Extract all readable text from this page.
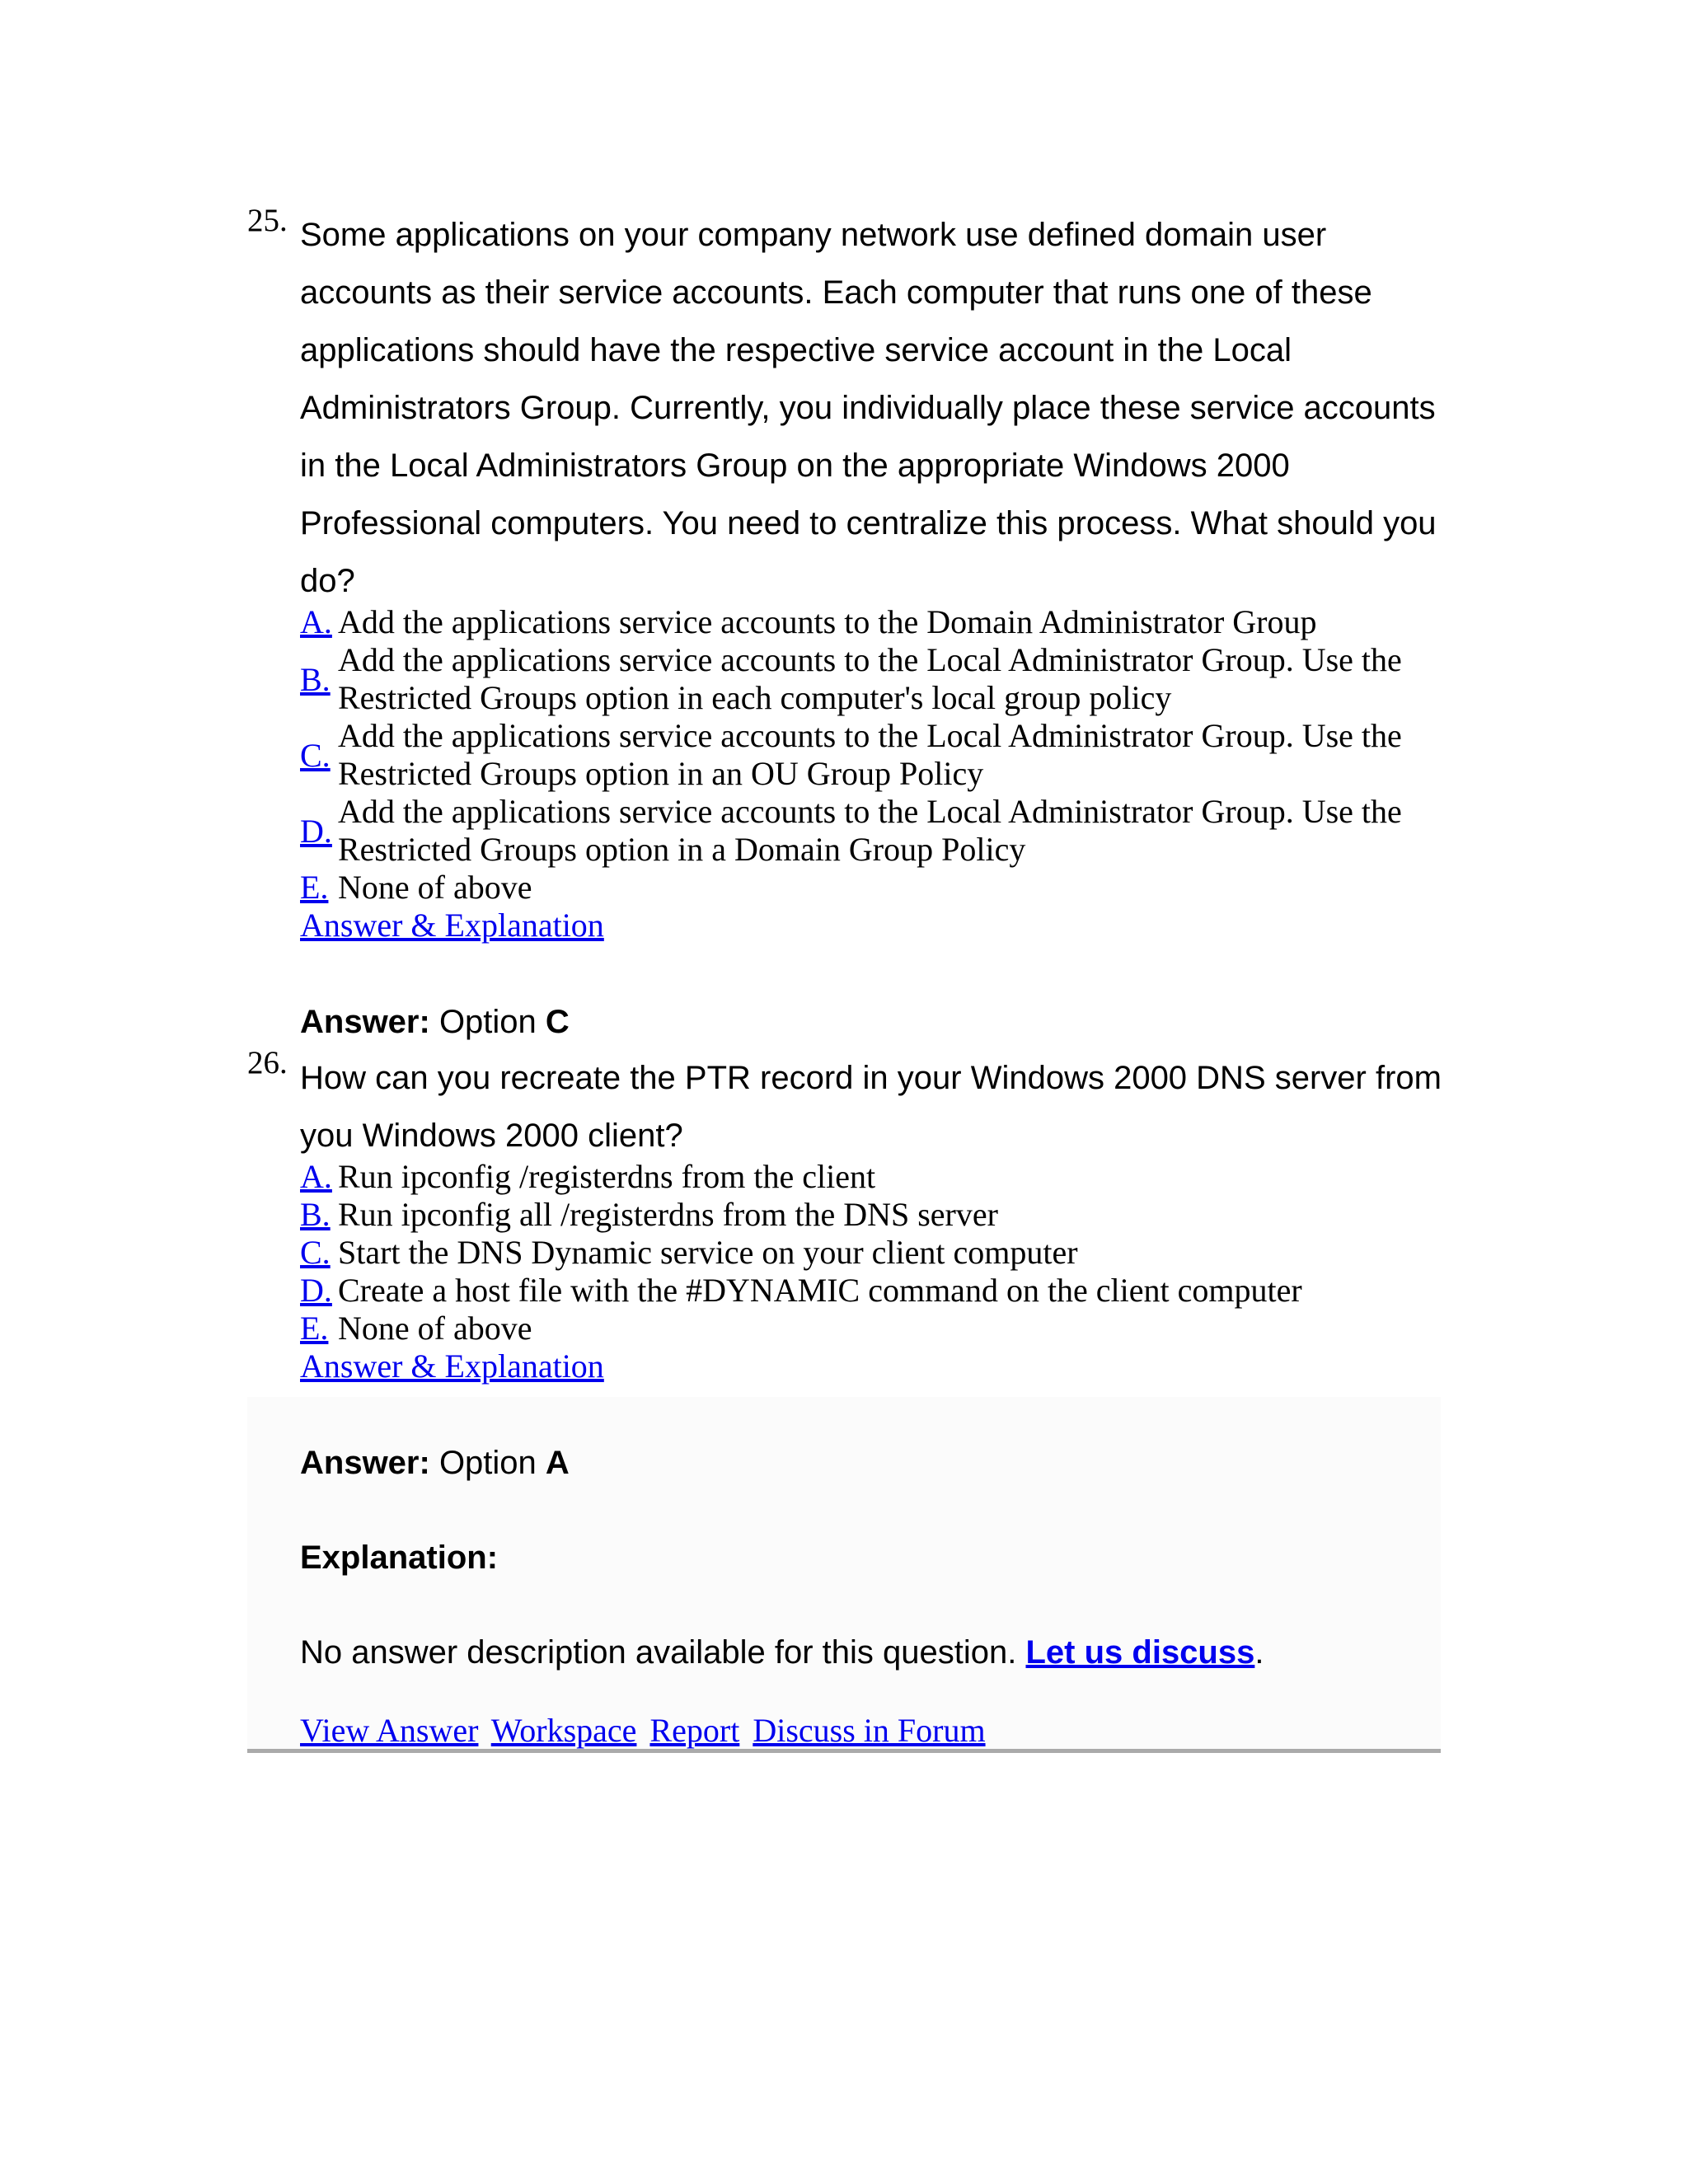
25. Some applications on your company network use defined domain user accounts as their service accounts. Each computer that runs one of these applications should have the respective service account in the Local Administrators Group. Currently, you individually place these service accounts in the Local Administrators Group on the appropriate Windows 2000 Professional computers. You need to centralize this process. What should you do?

A. Add the applications service accounts to the Domain Administrator Group
B.
Add the applications service accounts to the Local Administrator Group. Use the Restricted Groups option in each computer's local group policy
C.
Add the applications service accounts to the Local Administrator Group. Use the Restricted Groups option in an OU Group Policy
D.
Add the applications service accounts to the Local Administrator Group. Use the Restricted Groups option in a Domain Group Policy
E. None of above
Answer & Explanation
Answer: Option C
26. How can you recreate the PTR record in your Windows 2000 DNS server from you Windows 2000 client?

A. Run ipconfig /registerdns from the client
B. Run ipconfig all /registerdns from the DNS server
C. Start the DNS Dynamic service on your client computer
D. Create a host file with the #DYNAMIC command on the client computer
E. None of above
Answer & Explanation
Answer: Option A
Explanation:
No answer description available for this question. Let us discuss.
View Answer Workspace Report Discuss in Forum
